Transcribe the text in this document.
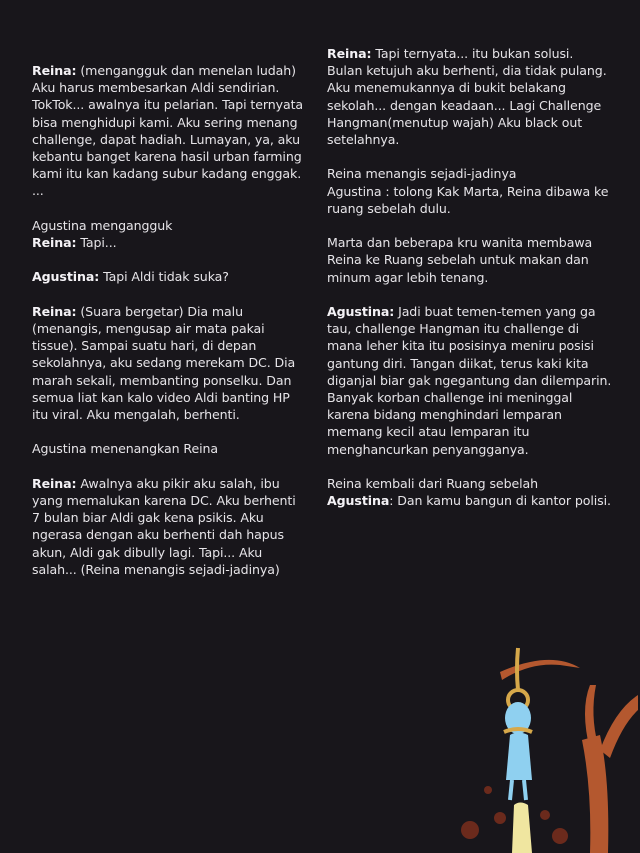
Reina: (mengangguk dan menelan ludah) Aku harus membesarkan Aldi sendirian. TokTok... awalnya itu pelarian. Tapi ternyata bisa menghidupi kami. Aku sering menang challenge, dapat hadiah. Lumayan, ya, aku kebantu banget karena hasil urban farming kami itu kan kadang subur kadang enggak. ...

Agustina mengangguk
Reina: Tapi...

Agustina: Tapi Aldi tidak suka?

Reina: (Suara bergetar) Dia malu (menangis, mengusap air mata pakai tissue). Sampai suatu hari, di depan sekolahnya, aku sedang merekam DC. Dia marah sekali, membanting ponselku. Dan semua liat kan kalo video Aldi banting HP itu viral. Aku mengalah, berhenti.

Agustina menenangkan Reina

Reina: Awalnya aku pikir aku salah, ibu yang memalukan karena DC. Aku berhenti 7 bulan biar Aldi gak kena psikis. Aku ngerasa dengan aku berhenti dah hapus akun, Aldi gak dibully lagi. Tapi... Aku salah... (Reina menangis sejadi-jadinya)

Reina: Tapi ternyata... itu bukan solusi. Bulan ketujuh aku berhenti, dia tidak pulang. Aku menemukannya di bukit belakang sekolah... dengan keadaan... Lagi Challenge Hangman(menutup wajah) Aku black out setelahnya.

Reina menangis sejadi-jadinya
Agustina : tolong Kak Marta, Reina dibawa ke ruang sebelah dulu.

Marta dan beberapa kru wanita membawa Reina ke Ruang sebelah untuk makan dan minum agar lebih tenang.

Agustina: Jadi buat temen-temen yang ga tau, challenge Hangman itu challenge di mana leher kita itu posisinya meniru posisi gantung diri. Tangan diikat, terus kaki kita diganjal biar gak ngegantung dan dilemparin. Banyak korban challenge ini meninggal karena bidang menghindari lemparan memang kecil atau lemparan itu menghancurkan penyangganya.

Reina kembali dari Ruang sebelah
Agustina: Dan kamu bangun di kantor polisi.
